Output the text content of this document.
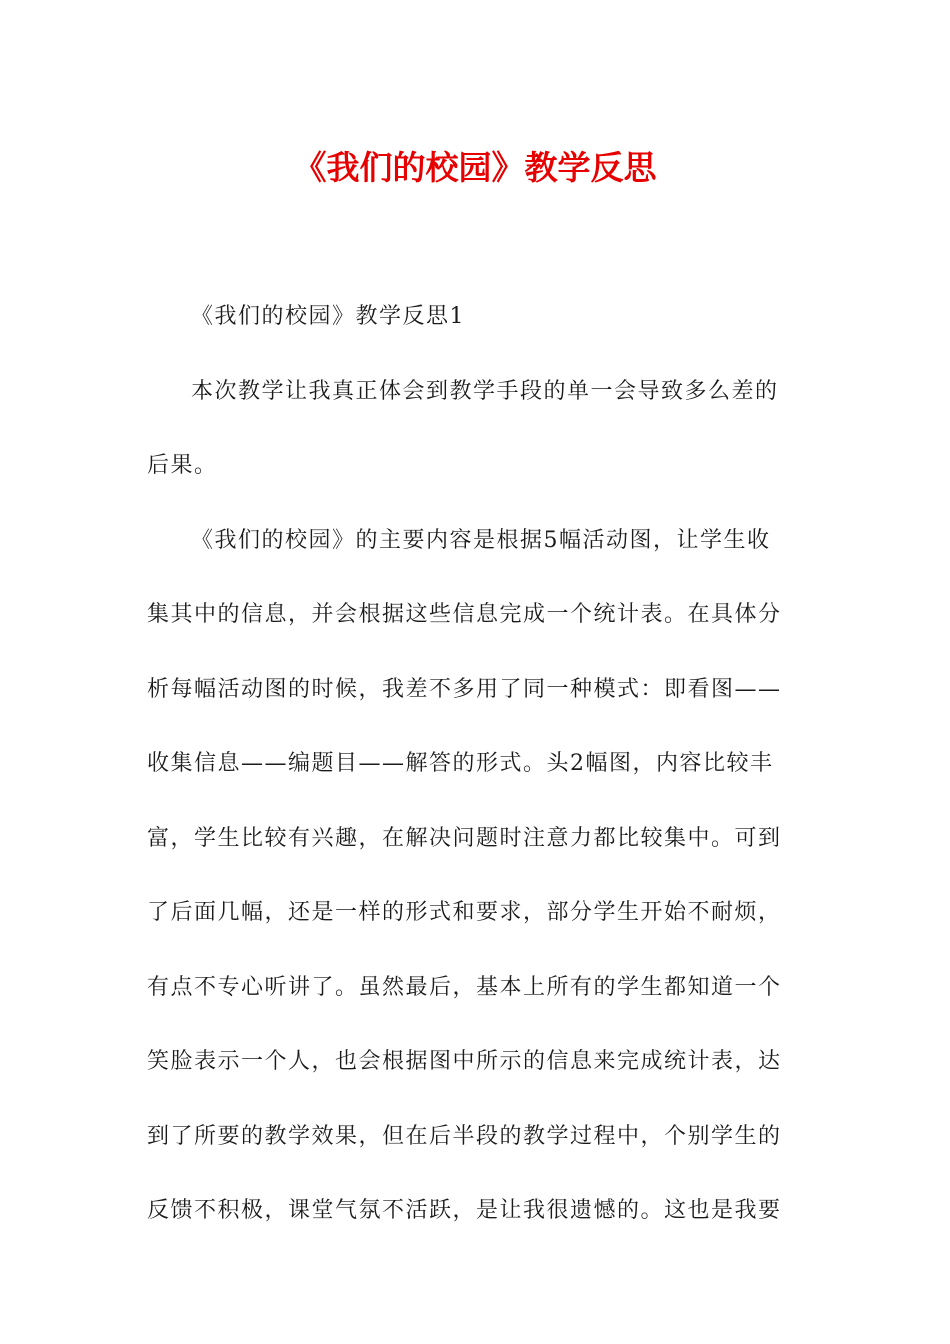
《我们的校园》教学反思
《我们的校园》教学反思1
本次教学让我真正体会到教学手段的单一会导致多么差的
后果。
《我们的校园》的主要内容是根据5幅活动图，让学生收
集其中的信息，并会根据这些信息完成一个统计表。在具体分
析每幅活动图的时候，我差不多用了同一种模式：即看图——
收集信息——编题目——解答的形式。头2幅图，内容比较丰
富，学生比较有兴趣，在解决问题时注意力都比较集中。可到
了后面几幅，还是一样的形式和要求，部分学生开始不耐烦，
有点不专心听讲了。虽然最后，基本上所有的学生都知道一个
笑脸表示一个人，也会根据图中所示的信息来完成统计表，达
到了所要的教学效果，但在后半段的教学过程中，个别学生的
反馈不积极，课堂气氛不活跃，是让我很遗憾的。这也是我要
